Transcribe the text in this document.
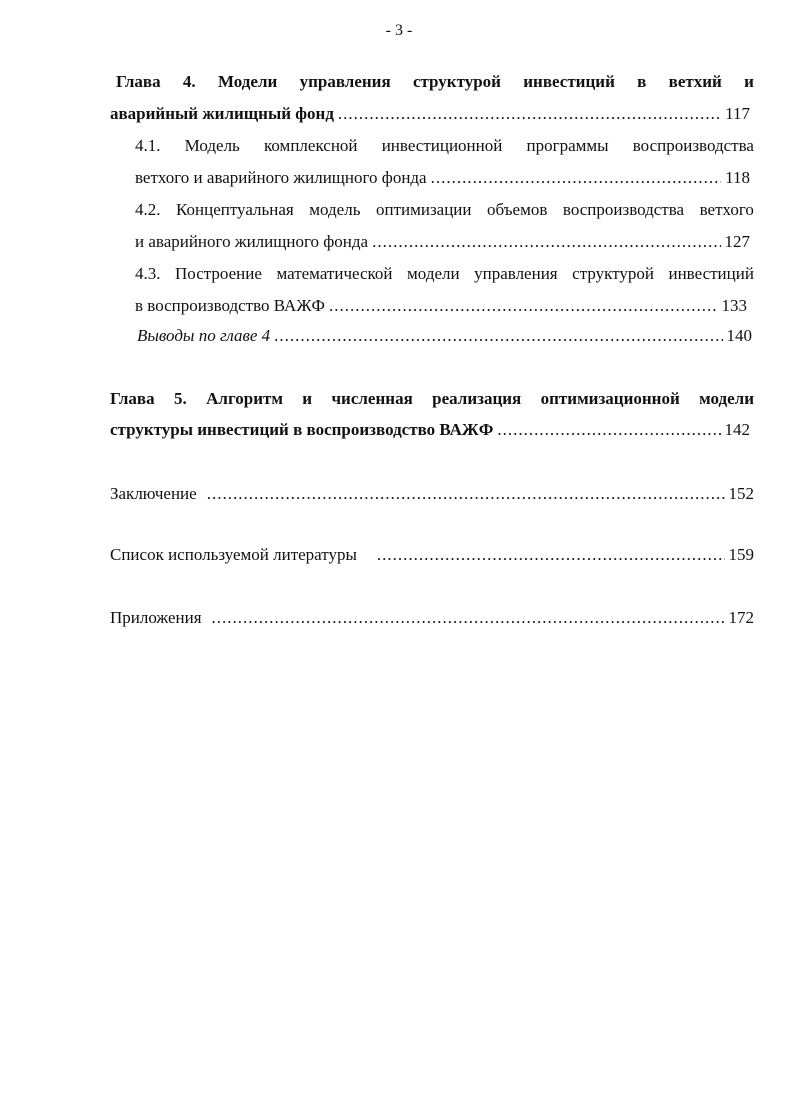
- 3 -
Глава 4. Модели управления структурой инвестиций в ветхий и
аварийный жилищный фонд .....	117
4.1. Модель комплексной инвестиционной программы воспроизводства
ветхого и аварийного жилищного фонда .....	118
4.2. Концептуальная модель оптимизации объемов воспроизводства ветхого
и аварийного жилищного фонда .....	127
4.3. Построение математической модели управления структурой инвестиций
в воспроизводство ВАЖФ .....	133
Выводы по главе 4 .....	140
Глава 5. Алгоритм и численная реализация оптимизационной модели
структуры инвестиций в воспроизводство ВАЖФ .....	142
Заключение .....	152
Список используемой литературы .....	159
Приложения .....	172
